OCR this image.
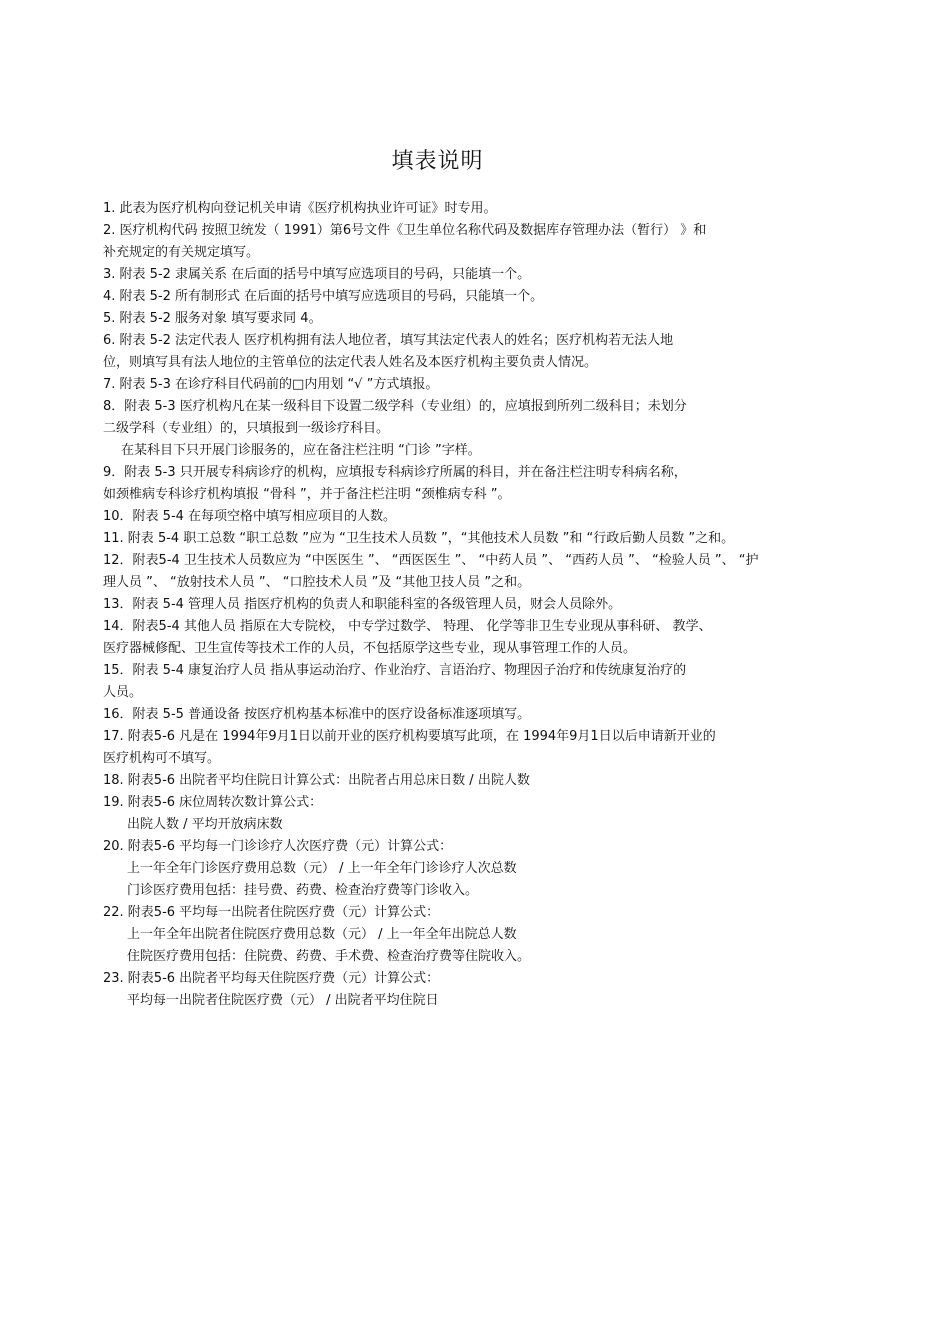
填表说明
1. 此表为医疗机构向登记机关申请《医疗机构执业许可证》时专用。
2. 医疗机构代码 按照卫统发（ 1991）第6号文件《卫生单位名称代码及数据库存管理办法（暂行） 》和
补充规定的有关规定填写。
3. 附表 5-2 隶属关系 在后面的括号中填写应选项目的号码，只能填一个。
4. 附表 5-2 所有制形式 在后面的括号中填写应选项目的号码，只能填一个。
5. 附表 5-2 服务对象 填写要求同 4。
6. 附表 5-2 法定代表人 医疗机构拥有法人地位者，填写其法定代表人的姓名；医疗机构若无法人地
位，则填写具有法人地位的主管单位的法定代表人姓名及本医疗机构主要负责人情况。
7. 附表 5-3 在诊疗科目代码前的□内用划 “√ ”方式填报。
8．附表 5-3 医疗机构凡在某一级科目下设置二级学科（专业组）的，应填报到所列二级科目；未划分
二级学科（专业组）的，只填报到一级诊疗科目。
在某科目下只开展门诊服务的，应在备注栏注明 “门诊 ”字样。
9．附表 5-3 只开展专科病诊疗的机构，应填报专科病诊疗所属的科目，并在备注栏注明专科病名称，
如颈椎病专科诊疗机构填报 “骨科 ”，并于备注栏注明 “颈椎病专科 ”。
10．附表 5-4 在每项空格中填写相应项目的人数。
11. 附表 5-4 职工总数 “职工总数 ”应为 “卫生技术人员数 ”，“其他技术人员数 ”和 “行政后勤人员数 ”之和。
12．附表5-4 卫生技术人员数应为 “中医医生 ”、 “西医医生 ”、 “中药人员 ”、 “西药人员 ”、 “检验人员 ”、 “护
理人员 ”、 “放射技术人员 ”、 “口腔技术人员 ”及 “其他卫技人员 ”之和。
13．附表 5-4 管理人员 指医疗机构的负责人和职能科室的各级管理人员，财会人员除外。
14．附表5-4 其他人员 指原在大专院校， 中专学过数学、 特理、 化学等非卫生专业现从事科研、 教学、
医疗器械修配、卫生宣传等技术工作的人员，不包括原学这些专业，现从事管理工作的人员。
15．附表 5-4 康复治疗人员 指从事运动治疗、作业治疗、言语治疗、物理因子治疗和传统康复治疗的
人员。
16．附表 5-5 普通设备 按医疗机构基本标准中的医疗设备标准逐项填写。
17. 附表5-6 凡是在 1994年9月1日以前开业的医疗机构要填写此项，在 1994年9月1日以后申请新开业的
医疗机构可不填写。
18. 附表5-6 出院者平均住院日计算公式：出院者占用总床日数 / 出院人数
19. 附表5-6 床位周转次数计算公式：
出院人数 / 平均开放病床数
20. 附表5-6 平均每一门诊诊疗人次医疗费（元）计算公式：
上一年全年门诊医疗费用总数（元） / 上一年全年门诊诊疗人次总数
门诊医疗费用包括：挂号费、药费、检查治疗费等门诊收入。
22. 附表5-6 平均每一出院者住院医疗费（元）计算公式：
上一年全年出院者住院医疗费用总数（元） / 上一年全年出院总人数
住院医疗费用包括：住院费、药费、手术费、检查治疗费等住院收入。
23. 附表5-6 出院者平均每天住院医疗费（元）计算公式：
平均每一出院者住院医疗费（元） / 出院者平均住院日
